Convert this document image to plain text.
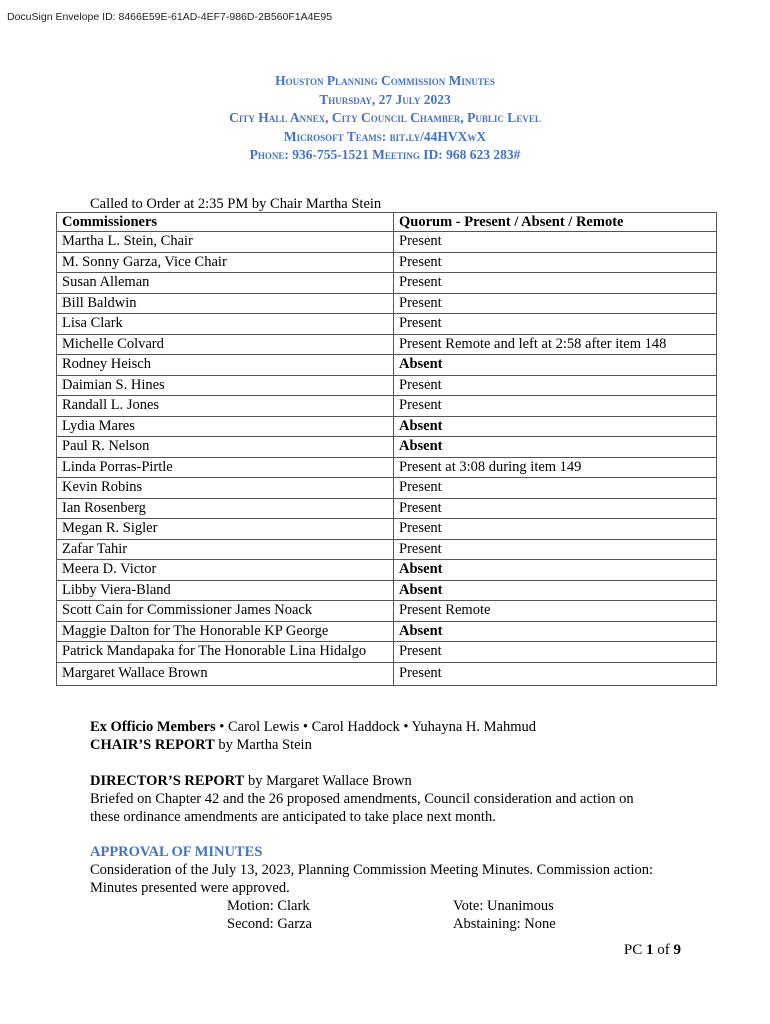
DocuSign Envelope ID: 8466E59E-61AD-4EF7-986D-2B560F1A4E95
Houston Planning Commission Minutes
Thursday, 27 July 2023
City Hall Annex, City Council Chamber, Public Level
Microsoft Teams: bit.ly/44HVXwX
Phone: 936-755-1521 Meeting ID: 968 623 283#
Called to Order at 2:35 PM by Chair Martha Stein
Commissioners	Quorum - Present / Absent / Remote
Martha L. Stein, Chair	Present
M. Sonny Garza, Vice Chair	Present
Susan Alleman	Present
Bill Baldwin	Present
Lisa Clark	Present
Michelle Colvard	Present Remote and left at 2:58 after item 148
Rodney Heisch	Absent
Daimian S. Hines	Present
Randall L. Jones	Present
Lydia Mares	Absent
Paul R. Nelson	Absent
Linda Porras-Pirtle	Present at 3:08 during item 149
Kevin Robins	Present
Ian Rosenberg	Present
Megan R. Sigler	Present
Zafar Tahir	Present
Meera D. Victor	Absent
Libby Viera-Bland	Absent
Scott Cain for Commissioner James Noack	Present Remote
Maggie Dalton for The Honorable KP George	Absent
Patrick Mandapaka for The Honorable Lina Hidalgo	Present
Margaret Wallace Brown	Present
Ex Officio Members • Carol Lewis • Carol Haddock • Yuhayna H. Mahmud
CHAIR’S REPORT by Martha Stein
DIRECTOR’S REPORT by Margaret Wallace Brown
Briefed on Chapter 42 and the 26 proposed amendments, Council consideration and action on
these ordinance amendments are anticipated to take place next month.
APPROVAL OF MINUTES
Consideration of the July 13, 2023, Planning Commission Meeting Minutes. Commission action:
Minutes presented were approved.
Motion: Clark
Second: Garza
Vote: Unanimous
Abstaining: None
PC 1 of 9
